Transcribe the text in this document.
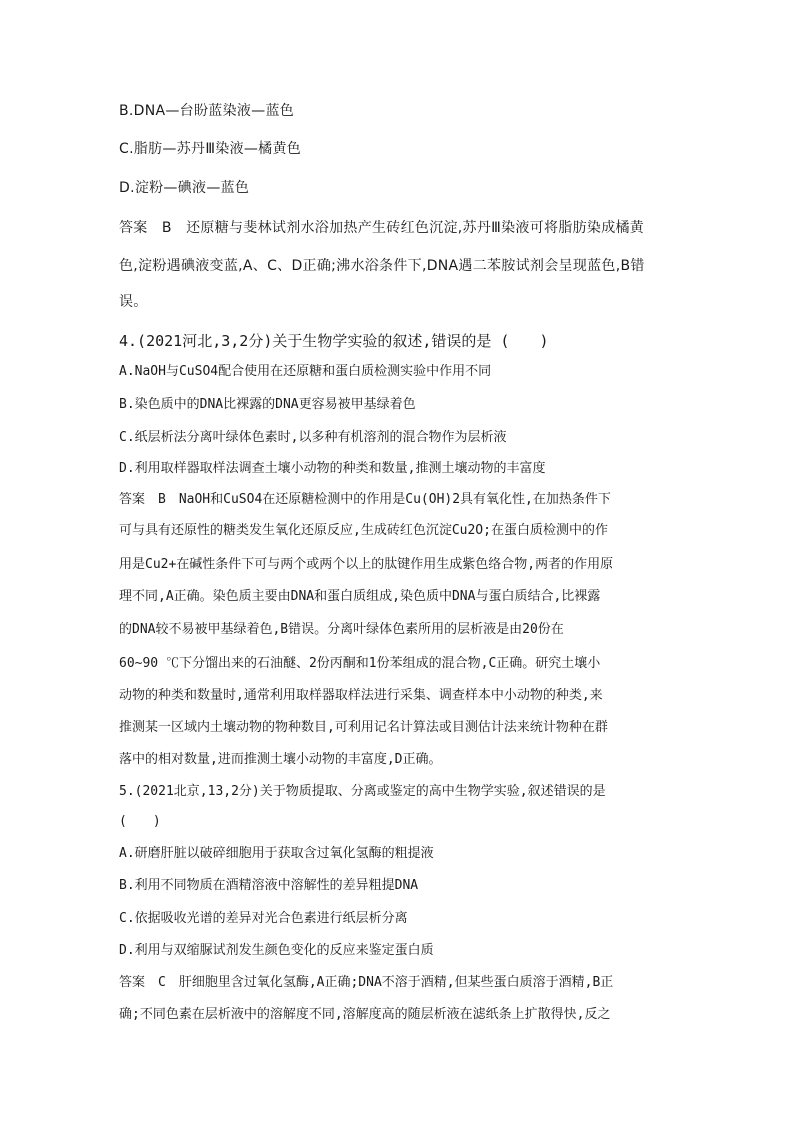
B.DNA—台盼蓝染液—蓝色
C.脂肪—苏丹Ⅲ染液—橘黄色
D.淀粉—碘液—蓝色
答案　B　还原糖与斐林试剂水浴加热产生砖红色沉淀,苏丹Ⅲ染液可将脂肪染成橘黄
色,淀粉遇碘液变蓝,A、C、D正确;沸水浴条件下,DNA遇二苯胺试剂会呈现蓝色,B错
误。
4.(2021河北,3,2分)关于生物学实验的叙述,错误的是 (　　)
A.NaOH与CuSO4配合使用在还原糖和蛋白质检测实验中作用不同
B.染色质中的DNA比裸露的DNA更容易被甲基绿着色
C.纸层析法分离叶绿体色素时,以多种有机溶剂的混合物作为层析液
D.利用取样器取样法调查土壤小动物的种类和数量,推测土壤动物的丰富度
答案　B　NaOH和CuSO4在还原糖检测中的作用是Cu(OH)2具有氧化性,在加热条件下
可与具有还原性的糖类发生氧化还原反应,生成砖红色沉淀Cu2O;在蛋白质检测中的作
用是Cu2+在碱性条件下可与两个或两个以上的肽键作用生成紫色络合物,两者的作用原
理不同,A正确。染色质主要由DNA和蛋白质组成,染色质中DNA与蛋白质结合,比裸露
的DNA较不易被甲基绿着色,B错误。分离叶绿体色素所用的层析液是由20份在
60~90 ℃下分馏出来的石油醚、2份丙酮和1份苯组成的混合物,C正确。研究土壤小
动物的种类和数量时,通常利用取样器取样法进行采集、调查样本中小动物的种类,来
推测某一区域内土壤动物的物种数目,可利用记名计算法或目测估计法来统计物种在群
落中的相对数量,进而推测土壤小动物的丰富度,D正确。
5.(2021北京,13,2分)关于物质提取、分离或鉴定的高中生物学实验,叙述错误的是
(　　)
A.研磨肝脏以破碎细胞用于获取含过氧化氢酶的粗提液
B.利用不同物质在酒精溶液中溶解性的差异粗提DNA
C.依据吸收光谱的差异对光合色素进行纸层析分离
D.利用与双缩脲试剂发生颜色变化的反应来鉴定蛋白质
答案　C　肝细胞里含过氧化氢酶,A正确;DNA不溶于酒精,但某些蛋白质溶于酒精,B正
确;不同色素在层析液中的溶解度不同,溶解度高的随层析液在滤纸条上扩散得快,反之
